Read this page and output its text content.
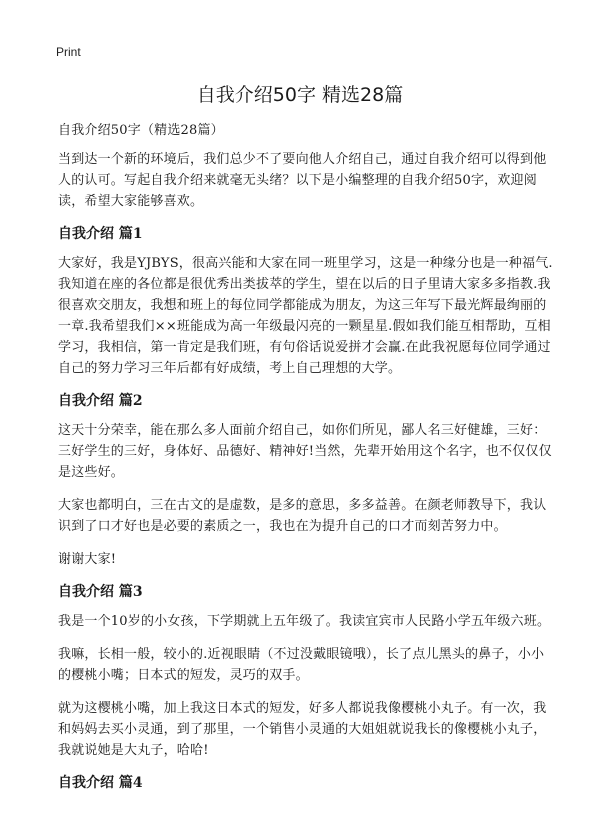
Print
自我介绍50字 精选28篇

自我介绍50字（精选28篇）

当到达一个新的环境后，我们总少不了要向他人介绍自己，通过自我介绍可以得到他人的认可。写起自我介绍来就毫无头绪？以下是小编整理的自我介绍50字，欢迎阅读，希望大家能够喜欢。

自我介绍 篇1

大家好，我是YJBYS，很高兴能和大家在同一班里学习，这是一种缘分也是一种福气.我知道在座的各位都是很优秀出类拔萃的学生，望在以后的日子里请大家多多指教.我很喜欢交朋友，我想和班上的每位同学都能成为朋友，为这三年写下最光辉最绚丽的一章.我希望我们××班能成为高一年级最闪亮的一颗星星.假如我们能互相帮助，互相学习，我相信，第一肯定是我们班，有句俗话说爱拼才会赢.在此我祝愿每位同学通过自己的努力学习三年后都有好成绩，考上自己理想的大学。

自我介绍 篇2

这天十分荣幸，能在那么多人面前介绍自己，如你们所见，鄙人名三好健雄，三好：三好学生的三好，身体好、品德好、精神好!当然，先辈开始用这个名字，也不仅仅仅是这些好。

大家也都明白，三在古文的是虚数，是多的意思，多多益善。在颜老师教导下，我认识到了口才好也是必要的素质之一，我也在为提升自己的口才而刻苦努力中。

谢谢大家!

自我介绍 篇3

我是一个10岁的小女孩，下学期就上五年级了。我读宜宾市人民路小学五年级六班。

我嘛，长相一般，较小的.近视眼睛（不过没戴眼镜哦），长了点儿黑头的鼻子，小小的樱桃小嘴；日本式的短发，灵巧的双手。

就为这樱桃小嘴，加上我这日本式的短发，好多人都说我像樱桃小丸子。有一次，我和妈妈去买小灵通，到了那里，一个销售小灵通的大姐姐就说我长的像樱桃小丸子，我就说她是大丸子，哈哈!

自我介绍 篇4
